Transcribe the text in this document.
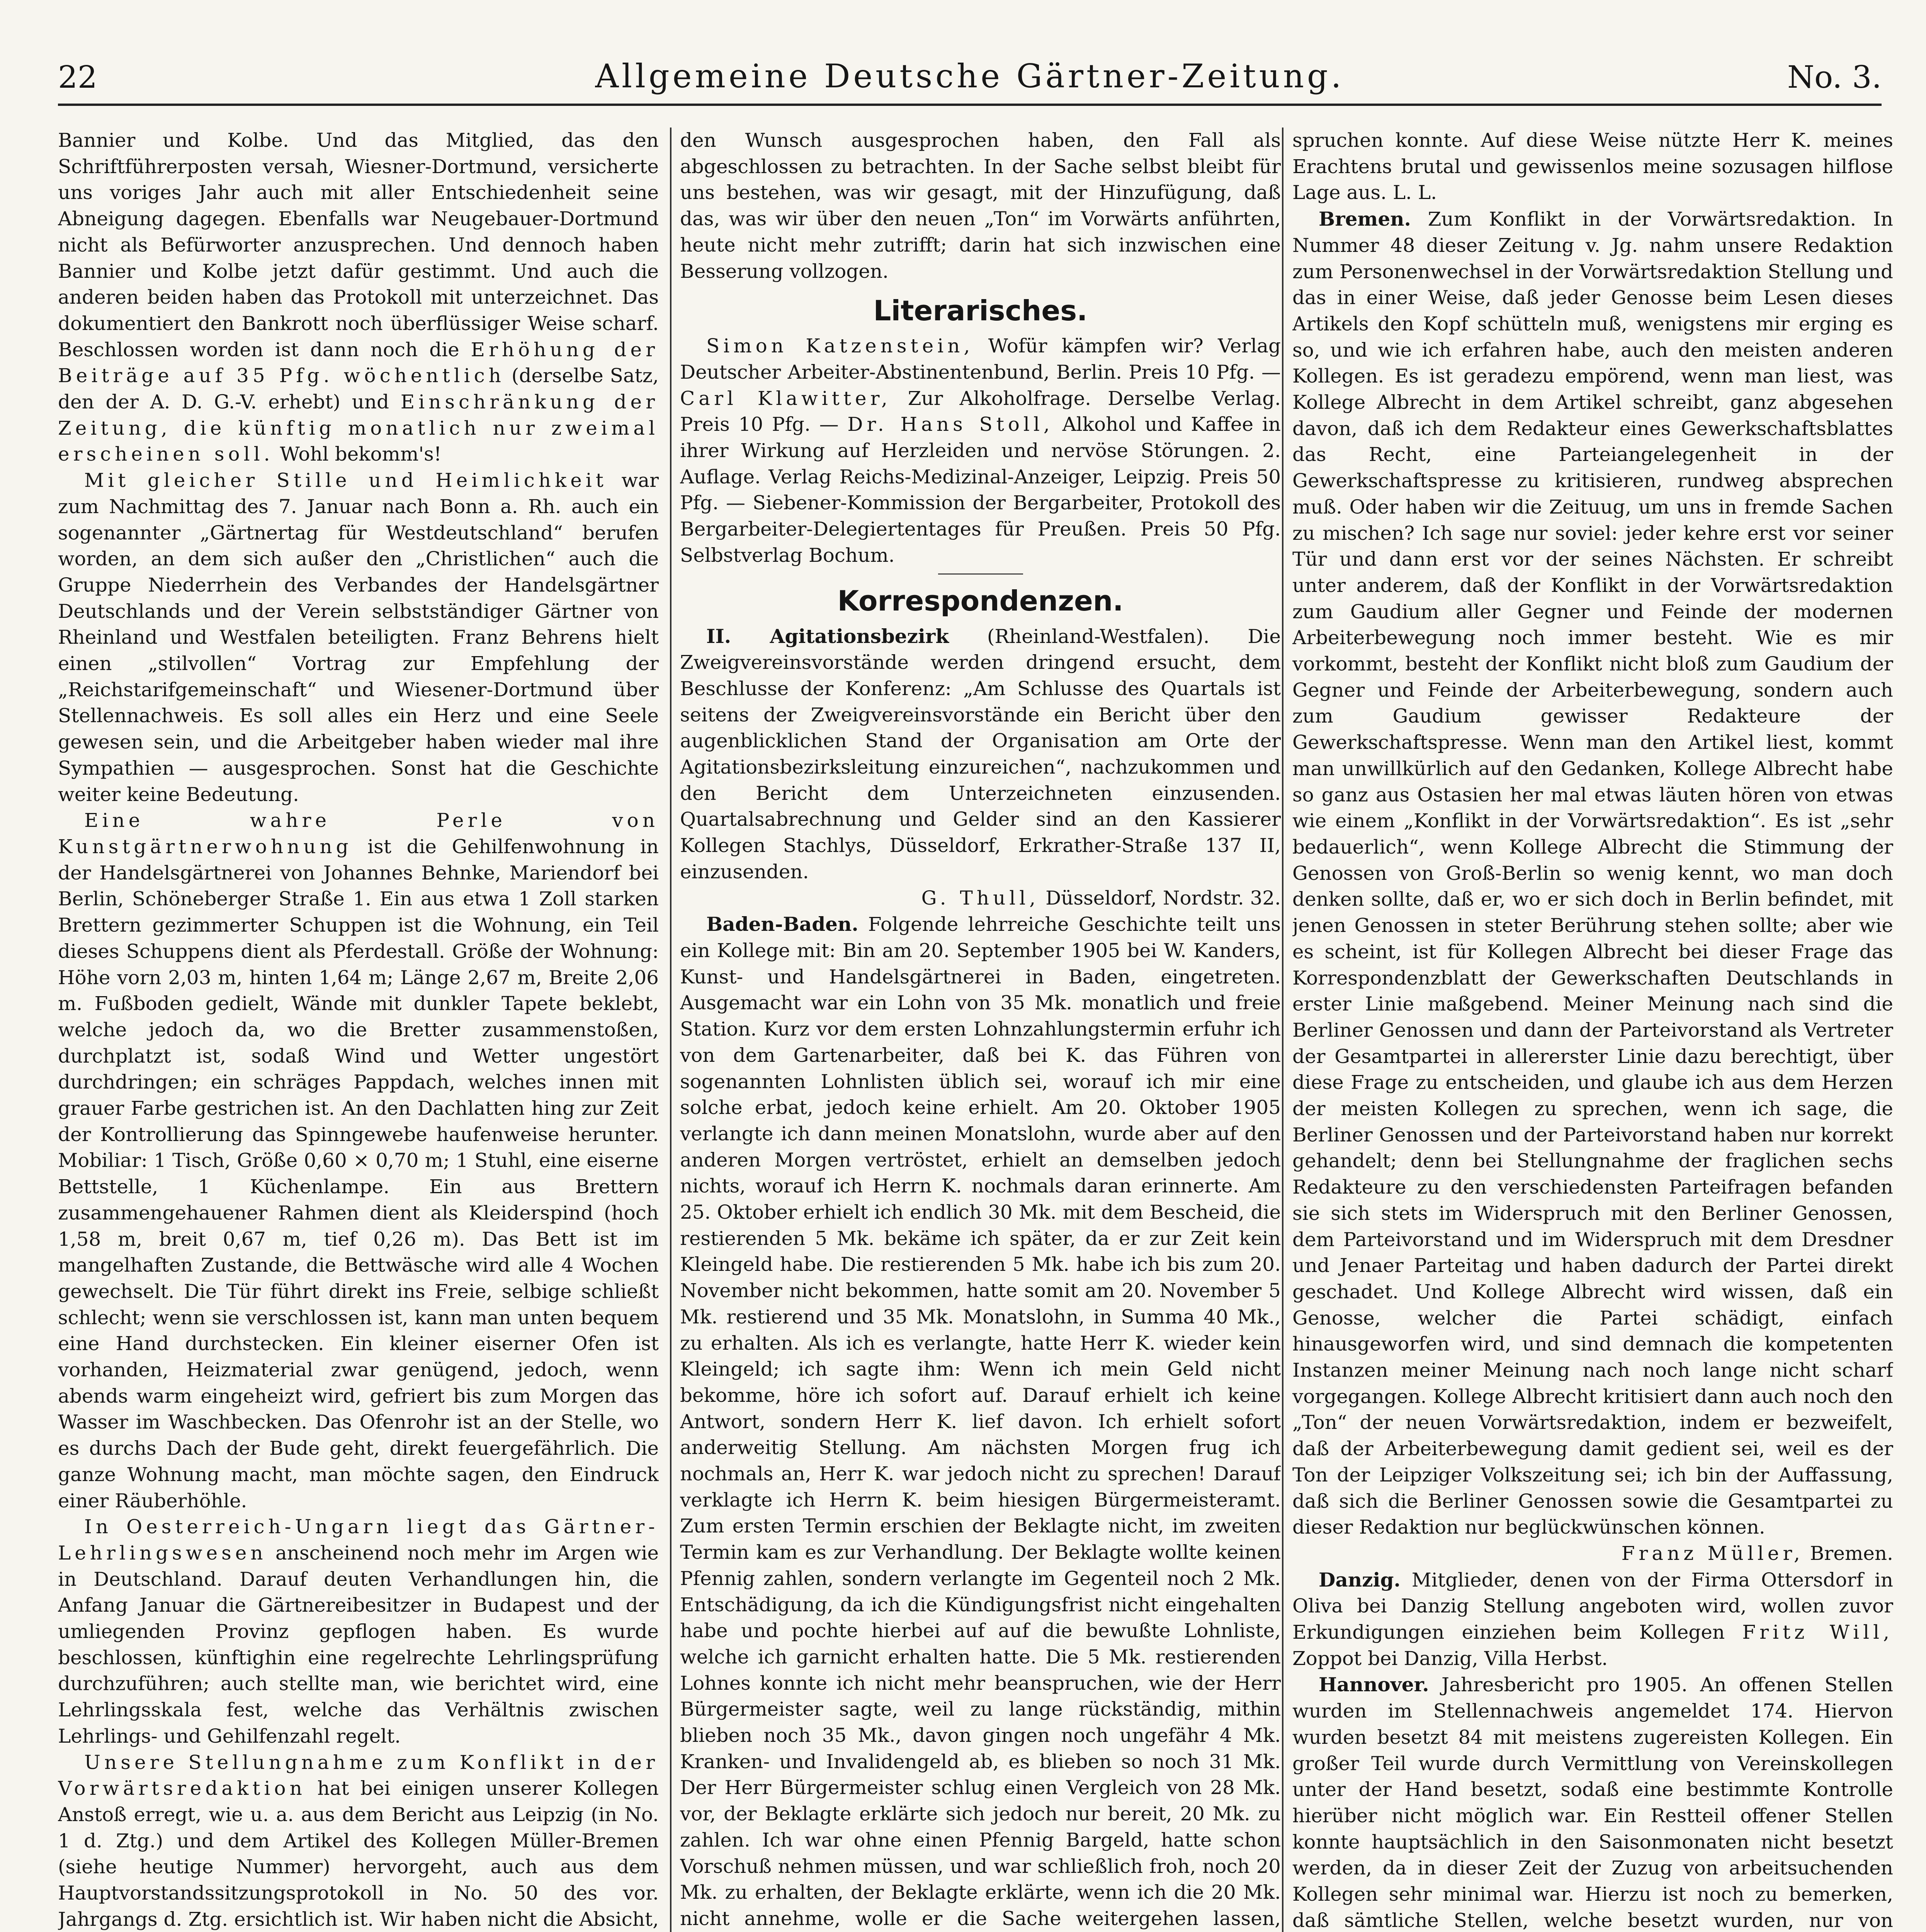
22	Allgemeine Deutsche Gärtner-Zeitung.	No. 3.

Bannier und Kolbe. Und das Mitglied, das den Schriftführerposten versah, Wiesner-Dortmund, versicherte uns voriges Jahr auch mit aller Entschiedenheit seine Abneigung dagegen. Ebenfalls war Neugebauer-Dortmund nicht als Befürworter anzusprechen. Und dennoch haben Bannier und Kolbe jetzt dafür gestimmt. Und auch die anderen beiden haben das Protokoll mit unterzeichnet. Das dokumentiert den Bankrott noch überflüssiger Weise scharf. Beschlossen worden ist dann noch die Erhöhung der Beiträge auf 35 Pfg. wöchentlich (derselbe Satz, den der A. D. G.-V. erhebt) und Einschränkung der Zeitung, die künftig monatlich nur zweimal erscheinen soll. Wohl bekomm's!

Mit gleicher Stille und Heimlichkeit war zum Nachmittag des 7. Januar nach Bonn a. Rh. auch ein sogenannter „Gärtnertag für Westdeutschland“ berufen worden, an dem sich außer den „Christlichen“ auch die Gruppe Niederrhein des Verbandes der Handelsgärtner Deutschlands und der Verein selbstständiger Gärtner von Rheinland und Westfalen beteiligten. Franz Behrens hielt einen „stilvollen“ Vortrag zur Empfehlung der „Reichstarifgemeinschaft“ und Wiesener-Dortmund über Stellennachweis. Es soll alles ein Herz und eine Seele gewesen sein, und die Arbeitgeber haben wieder mal ihre Sympathien — ausgesprochen. Sonst hat die Geschichte weiter keine Bedeutung.

Eine wahre Perle von Kunstgärtnerwohnung ist die Gehilfenwohnung in der Handelsgärtnerei von Johannes Behnke, Mariendorf bei Berlin, Schöneberger Straße 1. Ein aus etwa 1 Zoll starken Brettern gezimmerter Schuppen ist die Wohnung, ein Teil dieses Schuppens dient als Pferdestall. Größe der Wohnung: Höhe vorn 2,03 m, hinten 1,64 m; Länge 2,67 m, Breite 2,06 m. Fußboden gedielt, Wände mit dunkler Tapete beklebt, welche jedoch da, wo die Bretter zusammenstoßen, durchplatzt ist, sodaß Wind und Wetter ungestört durchdringen; ein schräges Pappdach, welches innen mit grauer Farbe gestrichen ist. An den Dachlatten hing zur Zeit der Kontrollierung das Spinngewebe haufenweise herunter. Mobiliar: 1 Tisch, Größe 0,60 × 0,70 m; 1 Stuhl, eine eiserne Bettstelle, 1 Küchenlampe. Ein aus Brettern zusammengehauener Rahmen dient als Kleiderspind (hoch 1,58 m, breit 0,67 m, tief 0,26 m). Das Bett ist im mangelhaften Zustande, die Bettwäsche wird alle 4 Wochen gewechselt. Die Tür führt direkt ins Freie, selbige schließt schlecht; wenn sie verschlossen ist, kann man unten bequem eine Hand durchstecken. Ein kleiner eiserner Ofen ist vorhanden, Heizmaterial zwar genügend, jedoch, wenn abends warm eingeheizt wird, gefriert bis zum Morgen das Wasser im Waschbecken. Das Ofenrohr ist an der Stelle, wo es durchs Dach der Bude geht, direkt feuergefährlich. Die ganze Wohnung macht, man möchte sagen, den Eindruck einer Räuberhöhle.

In Oesterreich-Ungarn liegt das Gärtner-Lehrlingswesen anscheinend noch mehr im Argen wie in Deutschland. Darauf deuten Verhandlungen hin, die Anfang Januar die Gärtnereibesitzer in Budapest und der umliegenden Provinz gepflogen haben. Es wurde beschlossen, künftighin eine regelrechte Lehrlingsprüfung durchzuführen; auch stellte man, wie berichtet wird, eine Lehrlingsskala fest, welche das Verhältnis zwischen Lehrlings- und Gehilfenzahl regelt.

Unsere Stellungnahme zum Konflikt in der Vorwärtsredaktion hat bei einigen unserer Kollegen Anstoß erregt, wie u. a. aus dem Bericht aus Leipzig (in No. 1 d. Ztg.) und dem Artikel des Kollegen Müller-Bremen (siehe heutige Nummer) hervorgeht, auch aus dem Hauptvorstandssitzungsprotokoll in No. 50 des vor. Jahrgangs d. Ztg. ersichtlich ist. Wir haben nicht die Absicht,

den Wunsch ausgesprochen haben, den Fall als abgeschlossen zu betrachten. In der Sache selbst bleibt für uns bestehen, was wir gesagt, mit der Hinzufügung, daß das, was wir über den neuen „Ton“ im Vorwärts anführten, heute nicht mehr zutrifft; darin hat sich inzwischen eine Besserung vollzogen.

Literarisches.

Simon Katzenstein, Wofür kämpfen wir? Verlag Deutscher Arbeiter-Abstinentenbund, Berlin. Preis 10 Pfg. — Carl Klawitter, Zur Alkoholfrage. Derselbe Verlag. Preis 10 Pfg. — Dr. Hans Stoll, Alkohol und Kaffee in ihrer Wirkung auf Herzleiden und nervöse Störungen. 2. Auflage. Verlag Reichs-Medizinal-Anzeiger, Leipzig. Preis 50 Pfg. — Siebener-Kommission der Bergarbeiter, Protokoll des Bergarbeiter-Delegiertentages für Preußen. Preis 50 Pfg. Selbstverlag Bochum.

Korrespondenzen.

II. Agitationsbezirk (Rheinland-Westfalen). Die Zweigvereinsvorstände werden dringend ersucht, dem Beschlusse der Konferenz: „Am Schlusse des Quartals ist seitens der Zweigvereinsvorstände ein Bericht über den augenblicklichen Stand der Organisation am Orte der Agitationsbezirksleitung einzureichen“, nachzukommen und den Bericht dem Unterzeichneten einzusenden. Quartalsabrechnung und Gelder sind an den Kassierer Kollegen Stachlys, Düsseldorf, Erkrather-Straße 137 II, einzusenden.

G. Thull, Düsseldorf, Nordstr. 32.

Baden-Baden. Folgende lehrreiche Geschichte teilt uns ein Kollege mit: Bin am 20. September 1905 bei W. Kanders, Kunst- und Handelsgärtnerei in Baden, eingetreten. Ausgemacht war ein Lohn von 35 Mk. monatlich und freie Station. Kurz vor dem ersten Lohnzahlungstermin erfuhr ich von dem Gartenarbeiter, daß bei K. das Führen von sogenannten Lohnlisten üblich sei, worauf ich mir eine solche erbat, jedoch keine erhielt. Am 20. Oktober 1905 verlangte ich dann meinen Monatslohn, wurde aber auf den anderen Morgen vertröstet, erhielt an demselben jedoch nichts, worauf ich Herrn K. nochmals daran erinnerte. Am 25. Oktober erhielt ich endlich 30 Mk. mit dem Bescheid, die restierenden 5 Mk. bekäme ich später, da er zur Zeit kein Kleingeld habe. Die restierenden 5 Mk. habe ich bis zum 20. November nicht bekommen, hatte somit am 20. November 5 Mk. restierend und 35 Mk. Monatslohn, in Summa 40 Mk., zu erhalten. Als ich es verlangte, hatte Herr K. wieder kein Kleingeld; ich sagte ihm: Wenn ich mein Geld nicht bekomme, höre ich sofort auf. Darauf erhielt ich keine Antwort, sondern Herr K. lief davon. Ich erhielt sofort anderweitig Stellung. Am nächsten Morgen frug ich nochmals an, Herr K. war jedoch nicht zu sprechen! Darauf verklagte ich Herrn K. beim hiesigen Bürgermeisteramt. Zum ersten Termin erschien der Beklagte nicht, im zweiten Termin kam es zur Verhandlung. Der Beklagte wollte keinen Pfennig zahlen, sondern verlangte im Gegenteil noch 2 Mk. Entschädigung, da ich die Kündigungsfrist nicht eingehalten habe und pochte hierbei auf auf die bewußte Lohnliste, welche ich garnicht erhalten hatte. Die 5 Mk. restierenden Lohnes konnte ich nicht mehr beanspruchen, wie der Herr Bürgermeister sagte, weil zu lange rückständig, mithin blieben noch 35 Mk., davon gingen noch ungefähr 4 Mk. Kranken- und Invalidengeld ab, es blieben so noch 31 Mk. Der Herr Bürgermeister schlug einen Vergleich von 28 Mk. vor, der Beklagte erklärte sich jedoch nur bereit, 20 Mk. zu zahlen. Ich war ohne einen Pfennig Bargeld, hatte schon Vorschuß nehmen müssen, und war schließlich froh, noch 20 Mk. zu erhalten, der Beklagte erklärte, wenn ich die 20 Mk. nicht annehme, wolle er die Sache weitergehen lassen,

spruchen konnte. Auf diese Weise nützte Herr K. meines Erachtens brutal und gewissenlos meine sozusagen hilflose Lage aus. L. L.

Bremen. Zum Konflikt in der Vorwärtsredaktion. In Nummer 48 dieser Zeitung v. Jg. nahm unsere Redaktion zum Personenwechsel in der Vorwärtsredaktion Stellung und das in einer Weise, daß jeder Genosse beim Lesen dieses Artikels den Kopf schütteln muß, wenigstens mir erging es so, und wie ich erfahren habe, auch den meisten anderen Kollegen. Es ist geradezu empörend, wenn man liest, was Kollege Albrecht in dem Artikel schreibt, ganz abgesehen davon, daß ich dem Redakteur eines Gewerkschaftsblattes das Recht, eine Parteiangelegenheit in der Gewerkschaftspresse zu kritisieren, rundweg absprechen muß. Oder haben wir die Zeituug, um uns in fremde Sachen zu mischen? Ich sage nur soviel: jeder kehre erst vor seiner Tür und dann erst vor der seines Nächsten. Er schreibt unter anderem, daß der Konflikt in der Vorwärtsredaktion zum Gaudium aller Gegner und Feinde der modernen Arbeiterbewegung noch immer besteht. Wie es mir vorkommt, besteht der Konflikt nicht bloß zum Gaudium der Gegner und Feinde der Arbeiterbewegung, sondern auch zum Gaudium gewisser Redakteure der Gewerkschaftspresse. Wenn man den Artikel liest, kommt man unwillkürlich auf den Gedanken, Kollege Albrecht habe so ganz aus Ostasien her mal etwas läuten hören von etwas wie einem „Konflikt in der Vorwärtsredaktion“. Es ist „sehr bedauerlich“, wenn Kollege Albrecht die Stimmung der Genossen von Groß-Berlin so wenig kennt, wo man doch denken sollte, daß er, wo er sich doch in Berlin befindet, mit jenen Genossen in steter Berührung stehen sollte; aber wie es scheint, ist für Kollegen Albrecht bei dieser Frage das Korrespondenzblatt der Gewerkschaften Deutschlands in erster Linie maßgebend. Meiner Meinung nach sind die Berliner Genossen und dann der Parteivorstand als Vertreter der Gesamtpartei in allererster Linie dazu berechtigt, über diese Frage zu entscheiden, und glaube ich aus dem Herzen der meisten Kollegen zu sprechen, wenn ich sage, die Berliner Genossen und der Parteivorstand haben nur korrekt gehandelt; denn bei Stellungnahme der fraglichen sechs Redakteure zu den verschiedensten Parteifragen befanden sie sich stets im Widerspruch mit den Berliner Genossen, dem Parteivorstand und im Widerspruch mit dem Dresdner und Jenaer Parteitag und haben dadurch der Partei direkt geschadet. Und Kollege Albrecht wird wissen, daß ein Genosse, welcher die Partei schädigt, einfach hinausgeworfen wird, und sind demnach die kompetenten Instanzen meiner Meinung nach noch lange nicht scharf vorgegangen. Kollege Albrecht kritisiert dann auch noch den „Ton“ der neuen Vorwärtsredaktion, indem er bezweifelt, daß der Arbeiterbewegung damit gedient sei, weil es der Ton der Leipziger Volkszeitung sei; ich bin der Auffassung, daß sich die Berliner Genossen sowie die Gesamtpartei zu dieser Redaktion nur beglückwünschen können.

Franz Müller, Bremen.

Danzig. Mitglieder, denen von der Firma Ottersdorf in Oliva bei Danzig Stellung angeboten wird, wollen zuvor Erkundigungen einziehen beim Kollegen Fritz Will, Zoppot bei Danzig, Villa Herbst.

Hannover. Jahresbericht pro 1905. An offenen Stellen wurden im Stellennachweis angemeldet 174. Hiervon wurden besetzt 84 mit meistens zugereisten Kollegen. Ein großer Teil wurde durch Vermittlung von Vereinskollegen unter der Hand besetzt, sodaß eine bestimmte Kontrolle hierüber nicht möglich war. Ein Restteil offener Stellen konnte hauptsächlich in den Saisonmonaten nicht besetzt werden, da in dieser Zeit der Zuzug von arbeitsuchenden Kollegen sehr minimal war. Hierzu ist noch zu bemerken, daß sämtliche Stellen, welche besetzt wurden, nur von
